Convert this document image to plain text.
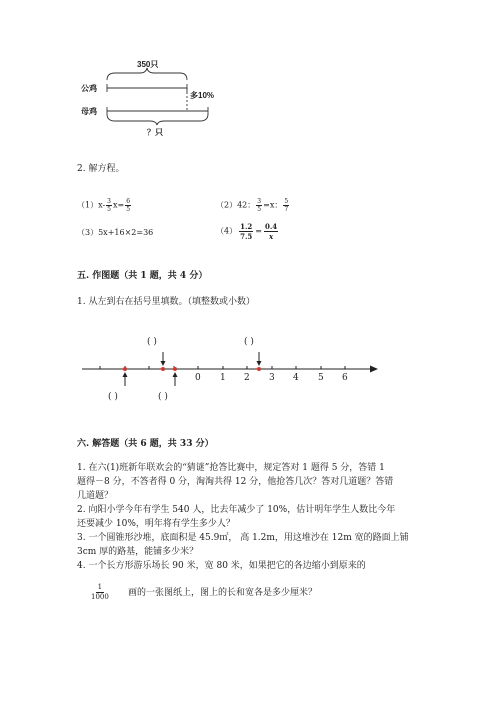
350只
公鸡
母鸡
多10%
？只
2. 解方程。
$(1)x- \frac{3}{5} x= \frac{6}{5}$	（2）42： $\frac{3}{5} =x$： $\frac{5}{7}$
（3）5x+16×2=36	$(4) \frac{1.2}{7.5} = \frac{0.4}{x}$
五. 作图题（共 1 题，共 4 分）
1. 从左到右在括号里填数。（填整数或小数）
0 1 2 3 4 5 6
( )	( )
( )	( )
六. 解答题（共 6 题，共 33 分）
1. 在六(1)班新年联欢会的“猜谜”抢答比赛中，规定答对 1 题得 5 分，答错 1
题得－8 分，不答者得 0 分，淘淘共得 12 分，他抢答几次？答对几道题？答错
几道题？
2. 向阳小学今年有学生 540 人，比去年减少了 10%，估计明年学生人数比今年
还要减少 10%，明年将有学生多少人？
3. 一个圆锥形沙堆，底面积是 45.9㎡， 高 1.2m，用这堆沙在 12m 宽的路面上铺
3cm 厚的路基，能铺多少米？
4. 一个长方形游乐场长 90 米，宽 80 米，如果把它的各边缩小到原来的
$\frac{1}{1000}$ 画的一张图纸上，图上的长和宽各是多少厘米？
